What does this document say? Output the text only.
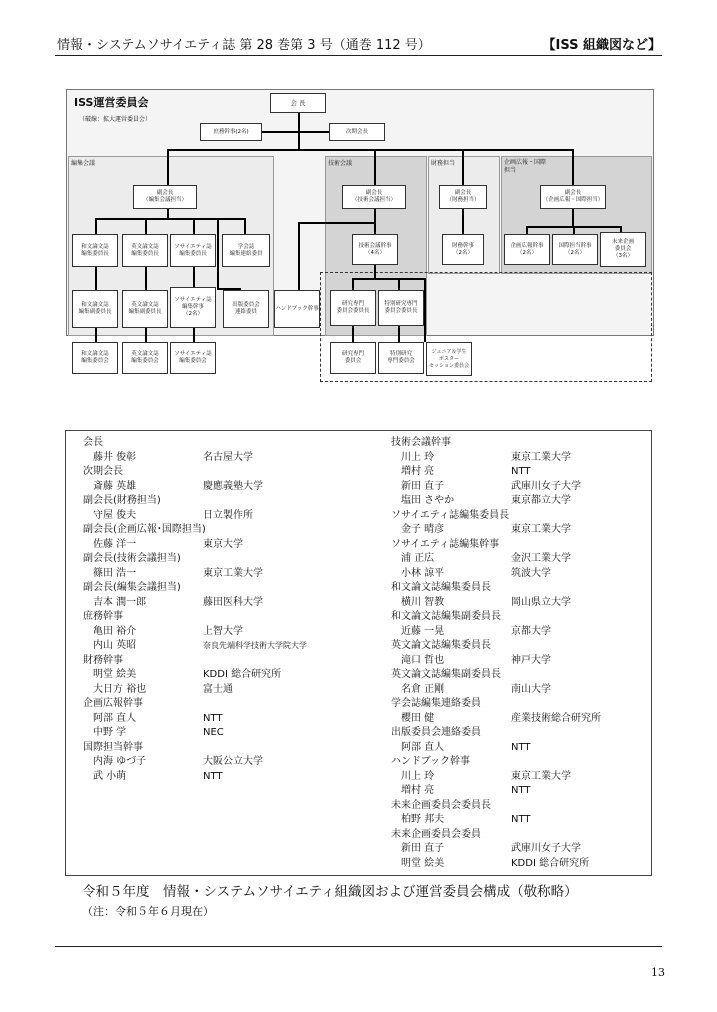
情報・システムソサイエティ誌 第 28 巻第 3 号（通巻 112 号）	【ISS 組織図など】
ISS運営委員会
（破線：拡大運営委員会）
編集会議	技術会議	財務担当	企画広報・国際
担当
会 長
庶務幹事(2名)	次期会長
副会長
（編集会議担当）
副会長
（技術会議担当）
副会長
（財務担当）
副会長
（企画広報・国際担当）
和文論文誌
編集委員長
英文論文誌
編集委員長
ソサイエティ誌
編集委員長
学会誌
編集連絡委員
技術会議幹事
（4名）
財務幹事
（2名）
企画広報幹事
（2名）
国際担当幹事
（2名）
未来企画
委員会
（3名）
和文論文誌
編集副委員長
英文論文誌
編集副委員長
ソサイエティ誌
編集幹事
（2名）
出版委員会
連絡委員
ハンドブック幹事
研究専門
委員会委員長
特別研究専門
委員会委員長
和文論文誌
編集委員会
英文論文誌
編集委員会
ソサイエティ誌
編集委員会
研究専門
委員会
特別研究
専門委員会
ジュニア＆学生
ポスター
セッション委員会
会長
藤井 俊彰	名古屋大学
次期会長
斎藤 英雄	慶應義塾大学
副会長(財務担当)
守屋 俊夫	日立製作所
副会長(企画広報･国際担当)
佐藤 洋一	東京大学
副会長(技術会議担当)
篠田 浩一	東京工業大学
副会長(編集会議担当)
吉本 潤一郎	藤田医科大学
庶務幹事
亀田 裕介	上智大学
内山 英昭	奈良先端科学技術大学院大学
財務幹事
明堂 絵美	KDDI 総合研究所
大日方 裕也	富士通
企画広報幹事
阿部 直人	NTT
中野 学	NEC
国際担当幹事
内海 ゆづ子	大阪公立大学
武 小萌	NTT
技術会議幹事
川上 玲	東京工業大学
増村 亮	NTT
新田 直子	武庫川女子大学
塩田 さやか	東京都立大学
ソサイエティ誌編集委員長
金子 晴彦	東京工業大学
ソサイエティ誌編集幹事
浦 正広	金沢工業大学
小林 諒平	筑波大学
和文論文誌編集委員長
横川 智教	岡山県立大学
和文論文誌編集副委員長
近藤 一晃	京都大学
英文論文誌編集委員長
滝口 哲也	神戸大学
英文論文誌編集副委員長
名倉 正剛	南山大学
学会誌編集連絡委員
櫻田 健	産業技術総合研究所
出版委員会連絡委員
阿部 直人	NTT
ハンドブック幹事
川上 玲	東京工業大学
増村 亮	NTT
未来企画委員会委員長
柏野 邦夫	NTT
未来企画委員会委員
新田 直子	武庫川女子大学
明堂 絵美	KDDI 総合研究所
令和５年度　情報・システムソサイエティ組織図および運営委員会構成（敬称略）
（注：令和５年６月現在）
13
